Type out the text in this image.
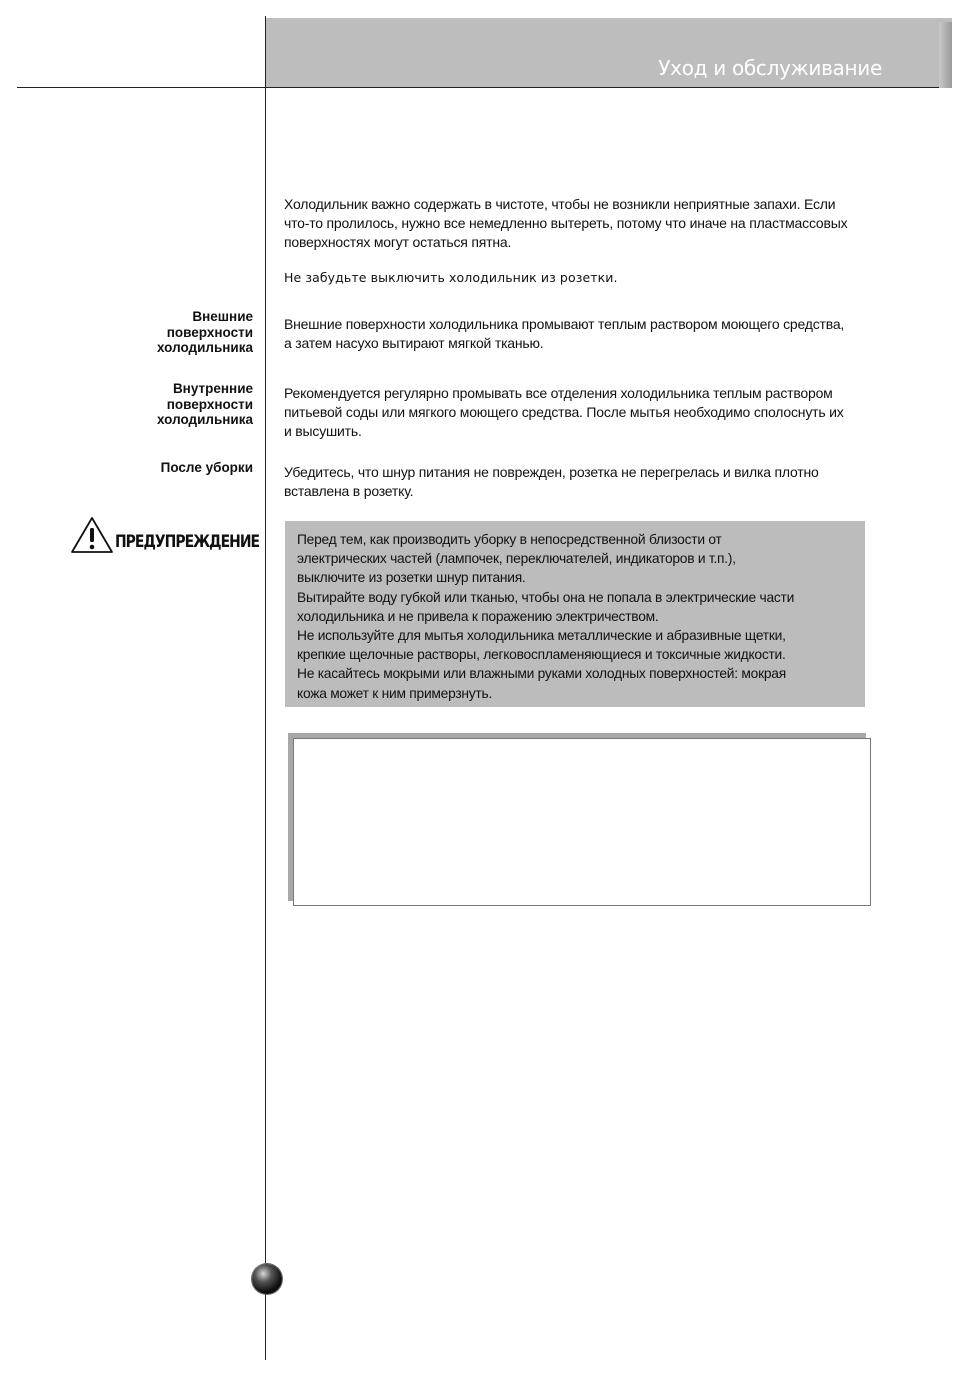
Уход и обслуживание

Холодильник важно содержать в чистоте, чтобы не возникли неприятные запахи. Если что-то пролилось, нужно все немедленно вытереть, потому что иначе на пластмассовых поверхностях могут остаться пятна.

Не забудьте выключить холодильник из розетки.

Внешние
поверхности
холодильника

Внешние поверхности холодильника промывают теплым раствором моющего средства, а затем насухо вытирают мягкой тканью.

Внутренние
поверхности
холодильника

Рекомендуется регулярно промывать все отделения холодильника теплым раствором питьевой соды или мягкого моющего средства. После мытья необходимо сполоснуть их и высушить.

После уборки Убедитесь, что шнур питания не поврежден, розетка не перегрелась и вилка плотно вставлена в розетку.

ПРЕДУПРЕЖДЕНИЕ	Перед тем, как производить уборку в непосредственной близости от
электрических частей (лампочек, переключателей, индикаторов и т.п.),
выключите из розетки шнур питания.
Вытирайте воду губкой или тканью, чтобы она не попала в электрические части
холодильника и не привела к поражению электричеством.
Не используйте для мытья холодильника металлические и абразивные щетки,
крепкие щелочные растворы, легковоспламеняющиеся и токсичные жидкости.
Не касайтесь мокрыми или влажными руками холодных поверхностей: мокрая
кожа может к ним примерзнуть.
